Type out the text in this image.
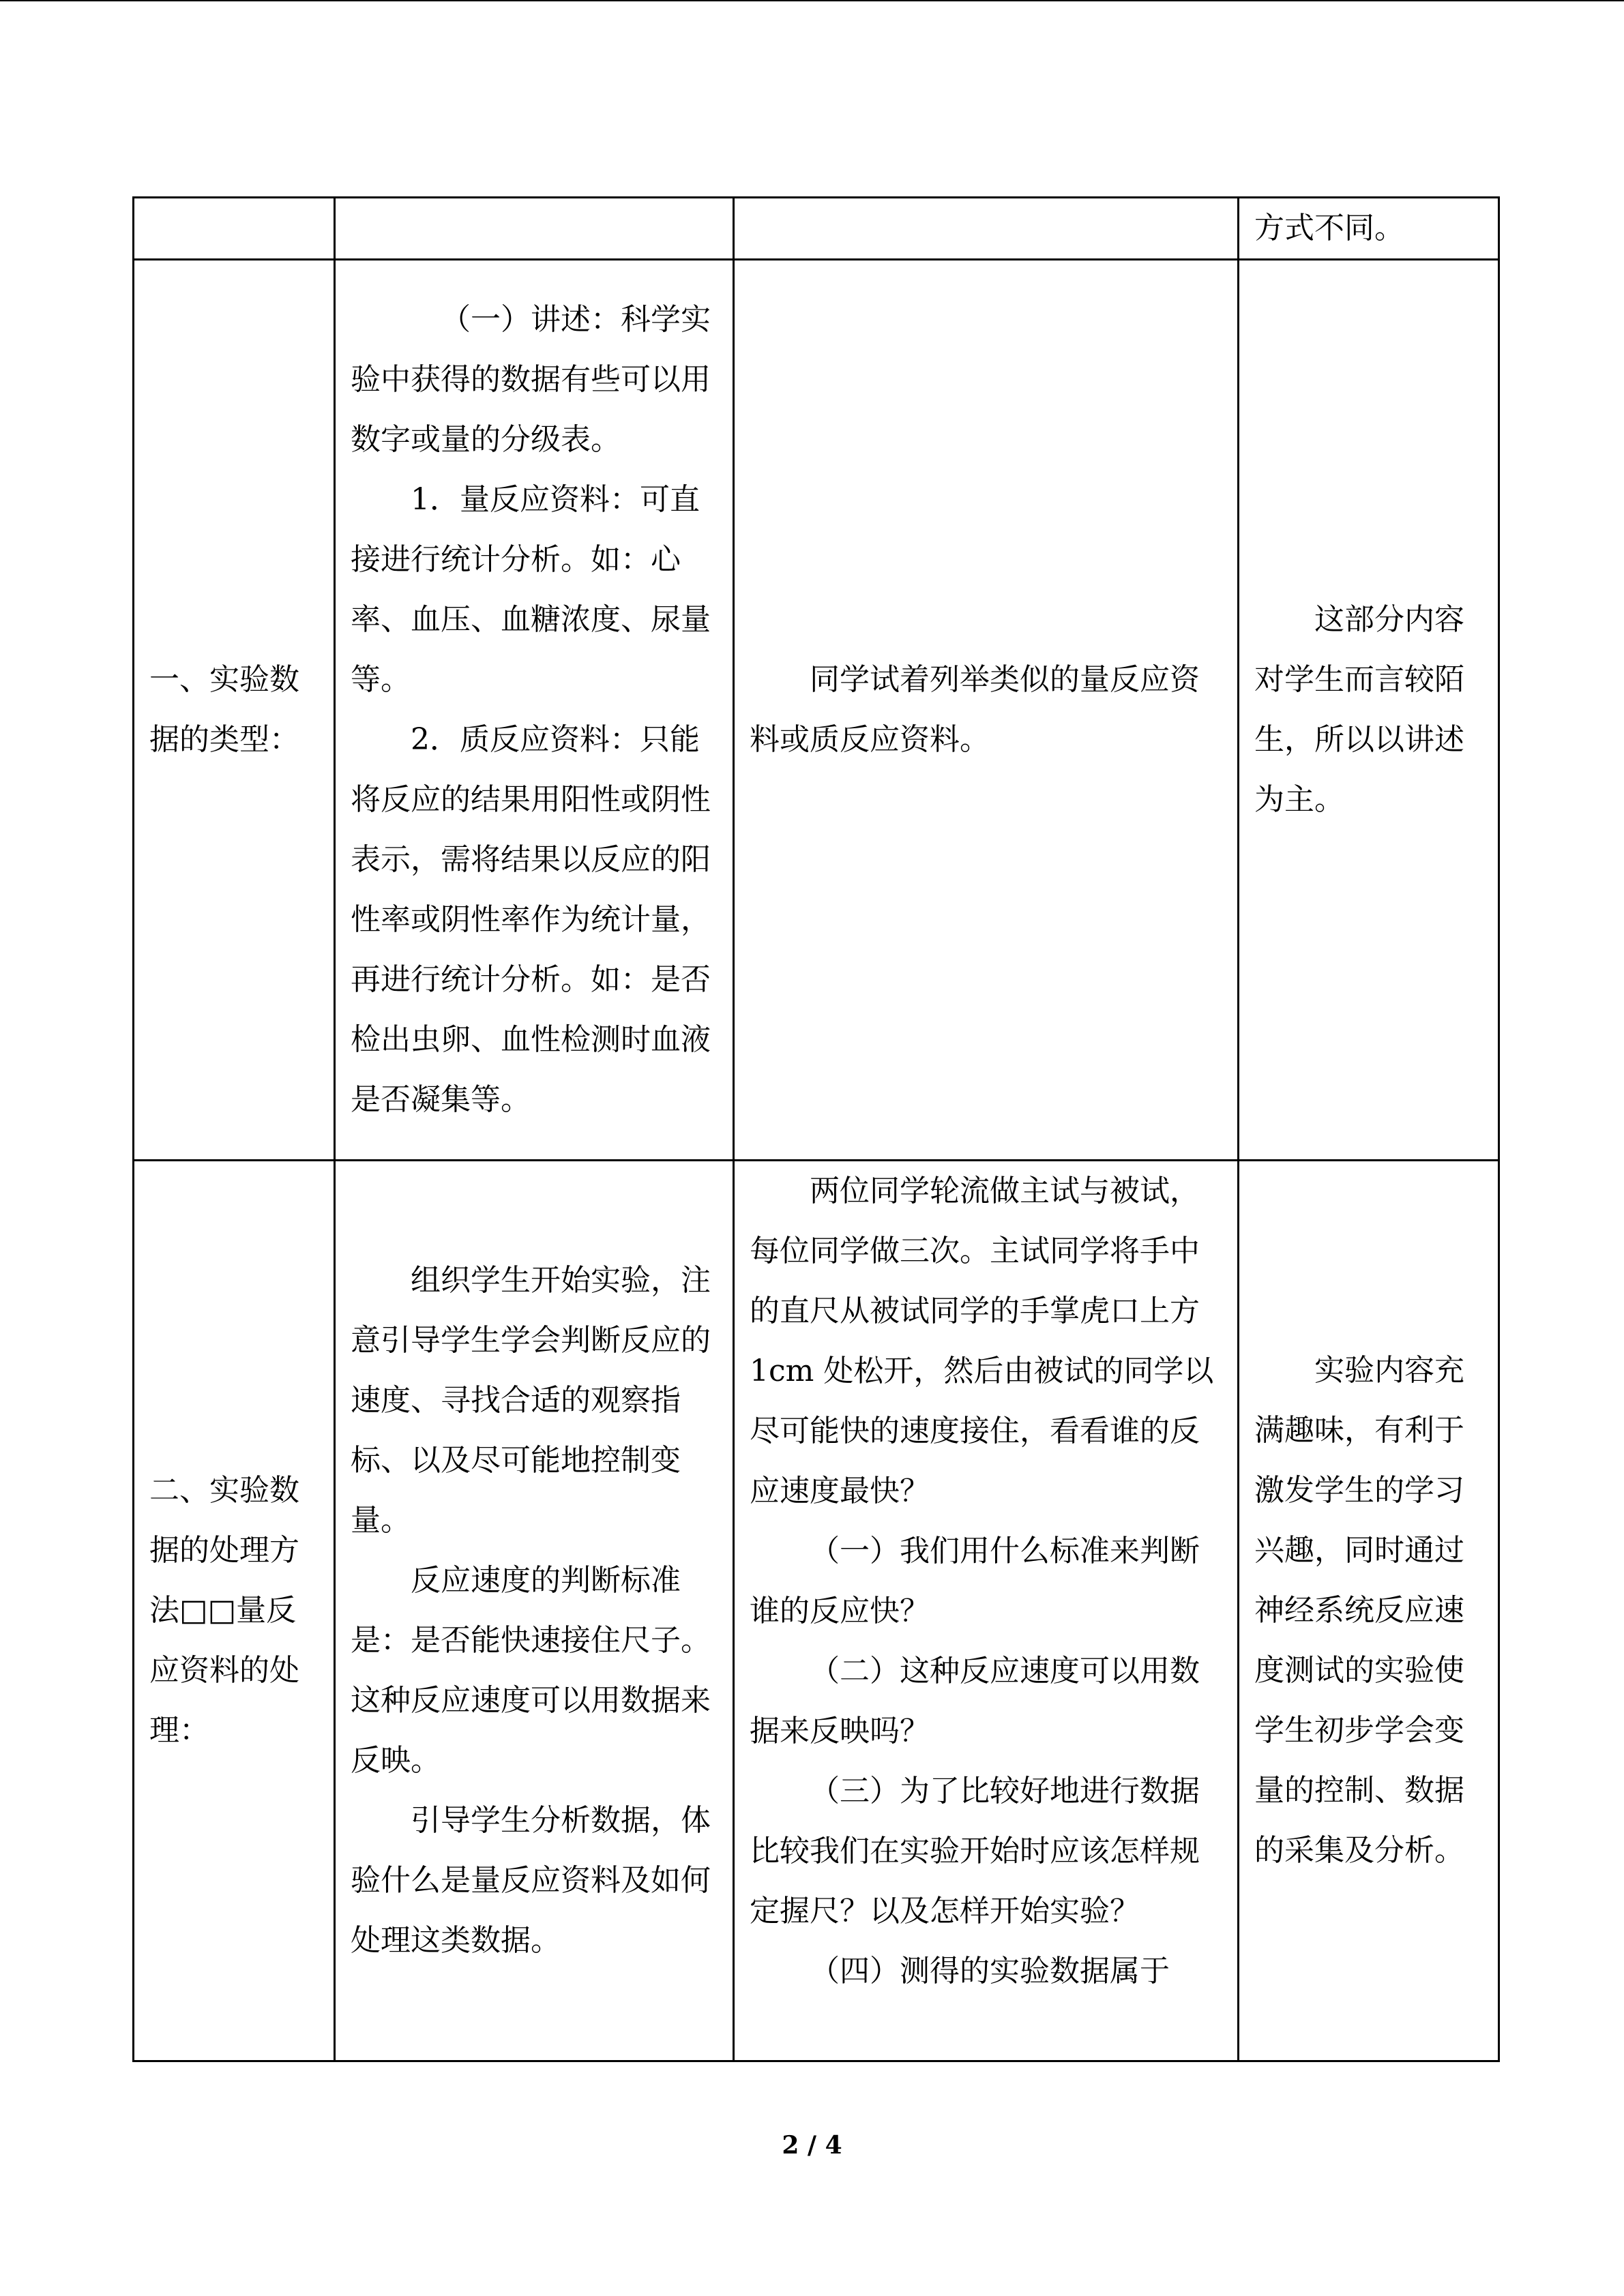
			方式不同。

一、实验数据的类型：	（一）讲述：科学实验中获得的数据有些可以用数字或量的分级表。
1．量反应资料：可直接进行统计分析。如：心率、血压、血糖浓度、尿量等。
2．质反应资料：只能将反应的结果用阳性或阴性表示，需将结果以反应的阳性率或阴性率作为统计量，再进行统计分析。如：是否检出虫卵、血性检测时血液是否凝集等。	同学试着列举类似的量反应资料或质反应资料。	这部分内容对学生而言较陌生，所以以讲述为主。

二、实验数据的处理方法□□量反应资料的处理：	组织学生开始实验，注意引导学生学会判断反应的速度、寻找合适的观察指标、以及尽可能地控制变量。
反应速度的判断标准是：是否能快速接住尺子。这种反应速度可以用数据来反映。
引导学生分析数据，体验什么是量反应资料及如何处理这类数据。	两位同学轮流做主试与被试，每位同学做三次。主试同学将手中的直尺从被试同学的手掌虎口上方 1cm 处松开，然后由被试的同学以尽可能快的速度接住，看看谁的反应速度最快？
（一）我们用什么标准来判断谁的反应快？
（二）这种反应速度可以用数据来反映吗？
（三）为了比较好地进行数据比较我们在实验开始时应该怎样规定握尺？以及怎样开始实验？
（四）测得的实验数据属于	实验内容充满趣味，有利于激发学生的学习兴趣，同时通过神经系统反应速度测试的实验使学生初步学会变量的控制、数据的采集及分析。
2 / 4
